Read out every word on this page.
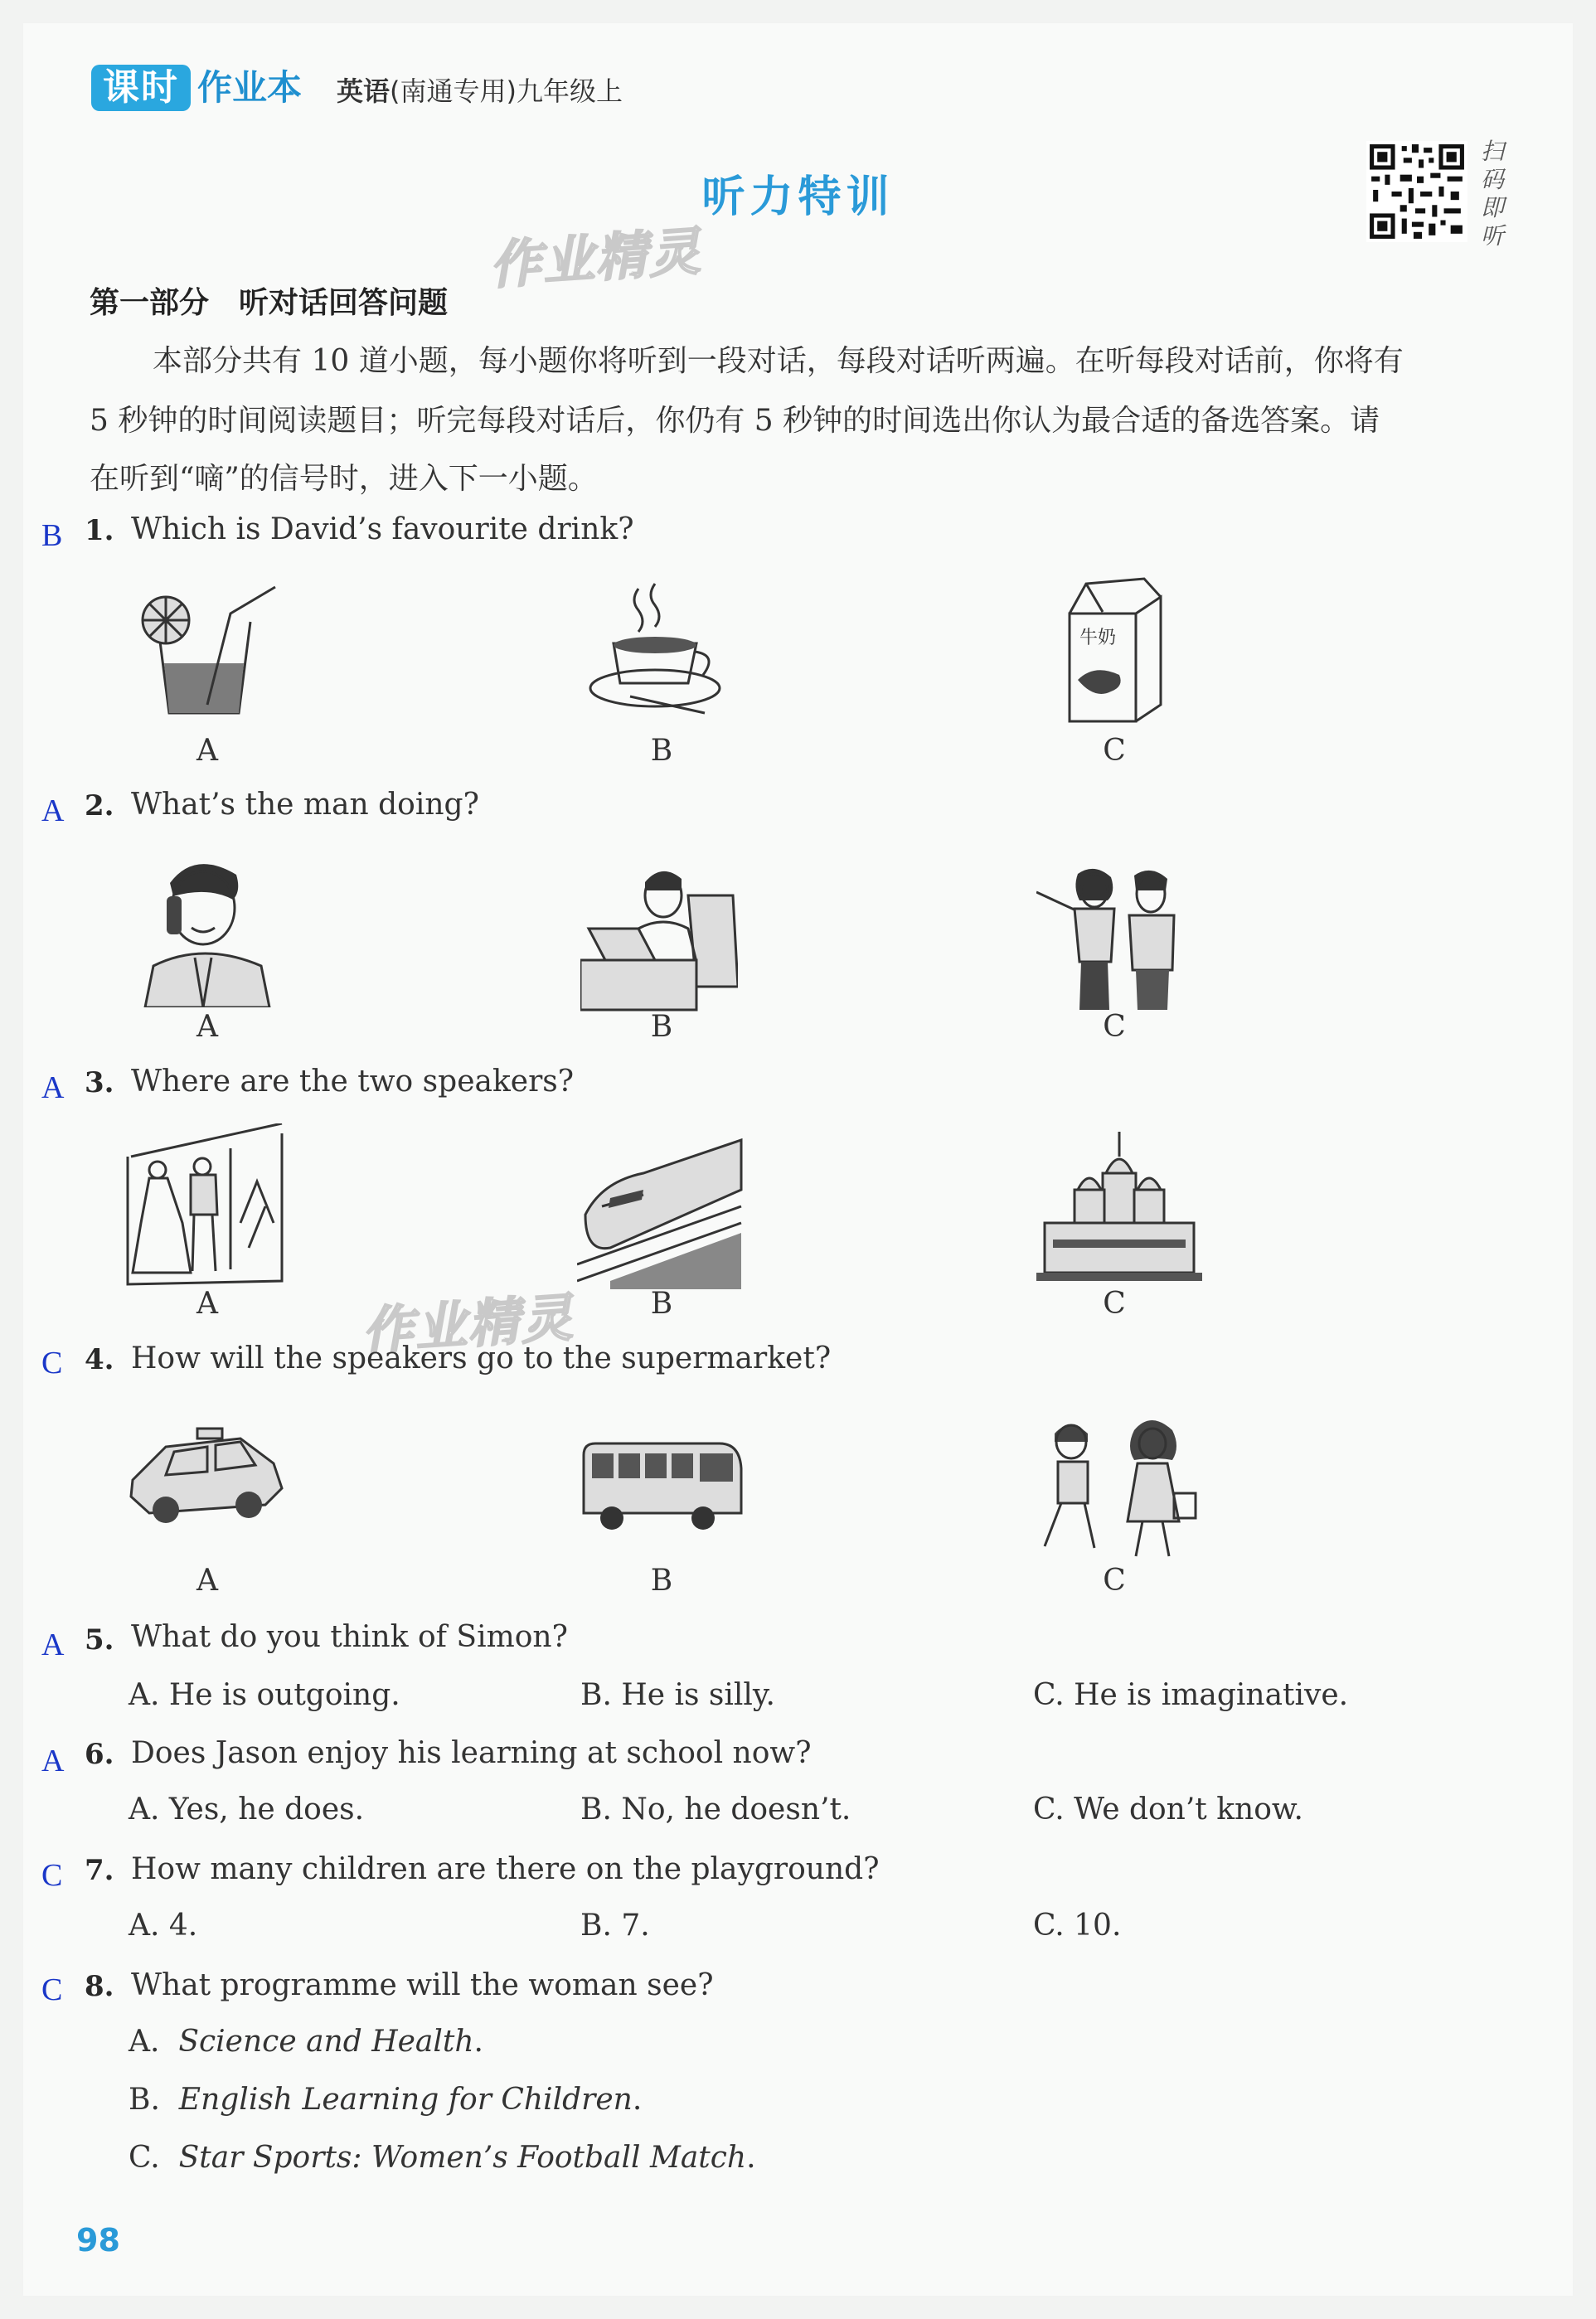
课时 作业本 英语(南通专用)九年级上
听力特训
扫
码
即
听
作业精灵
作业精灵
第一部分　听对话回答问题
本部分共有 10 道小题，每小题你将听到一段对话，每段对话听两遍。在听每段对话前，你将有
5 秒钟的时间阅读题目；听完每段对话后，你仍有 5 秒钟的时间选出你认为最合适的备选答案。请
在听到“嘀”的信号时，进入下一小题。
B 1. Which is David’s favourite drink?
牛奶
A	B	C
A 2. What’s the man doing?
A	B	C
A 3. Where are the two speakers?
A	B	C
C 4. How will the speakers go to the supermarket?
A	B	C
A 5. What do you think of Simon?
A. He is outgoing.	B. He is silly.	C. He is imaginative.
A 6. Does Jason enjoy his learning at school now?
A. Yes, he does.	B. No, he doesn’t.	C. We don’t know.
C 7. How many children are there on the playground?
A. 4.	B. 7.	C. 10.
C 8. What programme will the woman see?
A. Science and Health.
B. English Learning for Children.
C. Star Sports: Women’s Football Match.
98
